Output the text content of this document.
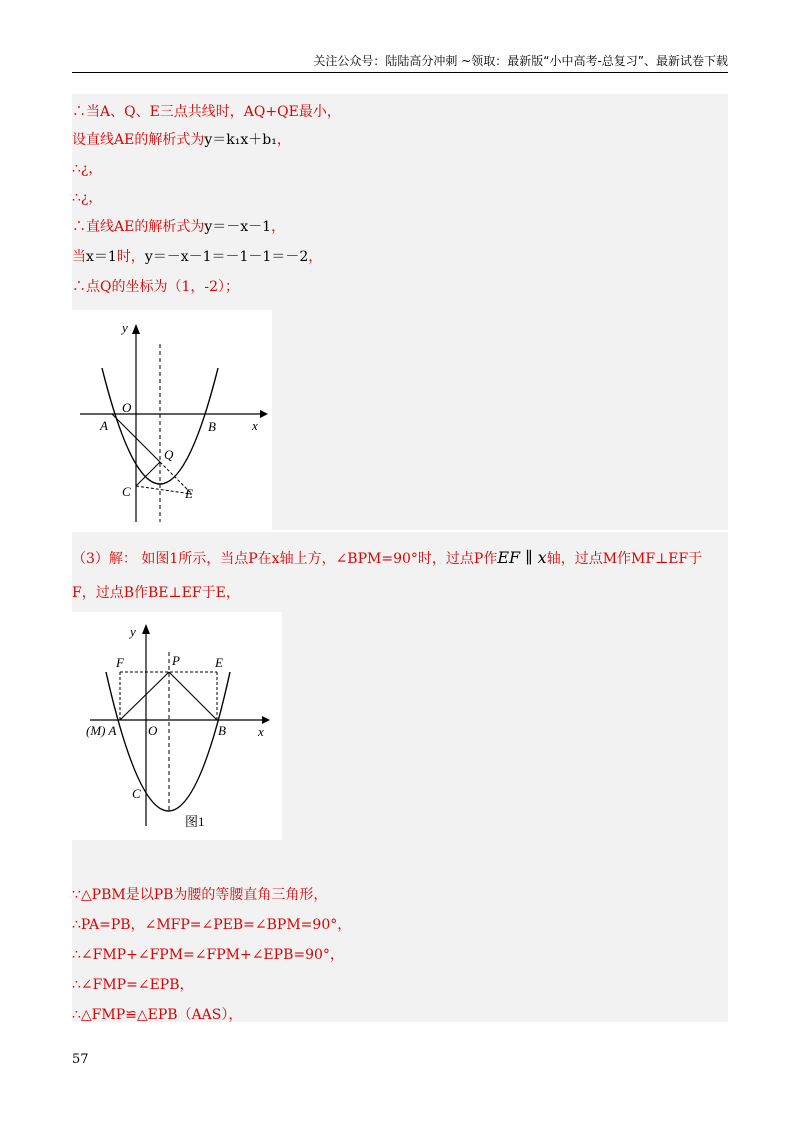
关注公众号：陆陆高分冲刺 ~领取：最新版“小中高考-总复习”、最新试卷下载
∴当A、Q、E三点共线时，AQ+QE最小，
设直线AE的解析式为y＝k₁x＋b₁，
∴¿，
∴¿，
∴直线AE的解析式为y＝－x－1，
当x＝1时，y＝－x－1＝－1－1＝－2，
∴点Q的坐标为（1，-2）；
y
x
O
A	B
Q
C	E
（3）解： 如图1所示，当点P在x轴上方，∠BPM=90°时，过点P作EF ∥ x轴，过点M作MF⊥EF于
F，过点B作BE⊥EF于E，
y
x
F	P	E
(M) A O	B
C
图1
∵△PBM是以PB为腰的等腰直角三角形，
∴PA=PB，∠MFP=∠PEB=∠BPM=90°，
∴∠FMP+∠FPM=∠FPM+∠EPB=90°，
∴∠FMP=∠EPB，
∴△FMP≌△EPB（AAS），
57
